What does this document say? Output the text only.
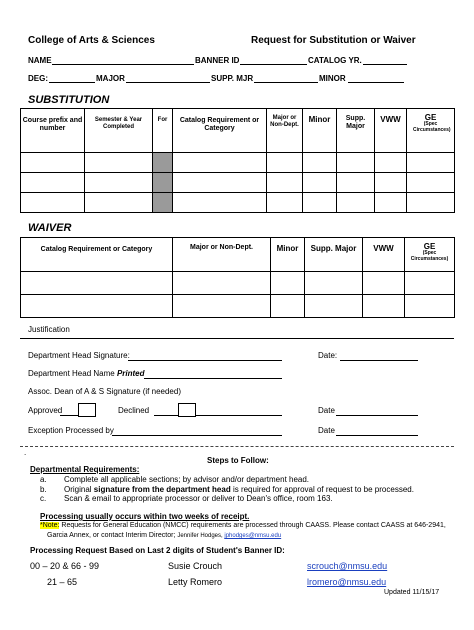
College of Arts & Sciences	Request for Substitution or Waiver
NAME	BANNER ID	CATALOG YR.
DEG:	MAJOR	SUPP. MJR	MINOR
SUBSTITUTION
Course prefix and number	Semester & Year Completed	For	Catalog Requirement or Category	Major or Non-Dept.	Minor	Supp. Major	VWW	GE
(Spec Circumstances)

WAIVER
Catalog Requirement or Category	Major or Non-Dept.	Minor	Supp. Major	VWW	GE
(Spec Circumstances)

Justification
Department Head Signature:	Date:
Department Head Name Printed
Assoc. Dean of A & S Signature (if needed)
Approved	Declined	Date
Exception Processed by	Date
.
Steps to Follow:
Departmental Requirements:
a. Complete all applicable sections; by advisor and/or department head.
b. Original signature from the department head is required for approval of request to be processed.
c. Scan & email to appropriate processor or deliver to Dean's office, room 163.
Processing usually occurs within two weeks of receipt.
*Note: Requests for General Education (NMCC) requirements are processed through CAASS. Please contact CAASS at 646-2941,
Garcia Annex, or contact Interim Director; Jennifer Hodges, jphodges@nmsu.edu
Processing Request Based on Last 2 digits of Student's Banner ID:
00 – 20 & 66 - 99	Susie Crouch	scrouch@nmsu.edu
21 – 65	Letty Romero	lromero@nmsu.edu
Updated 11/15/17
